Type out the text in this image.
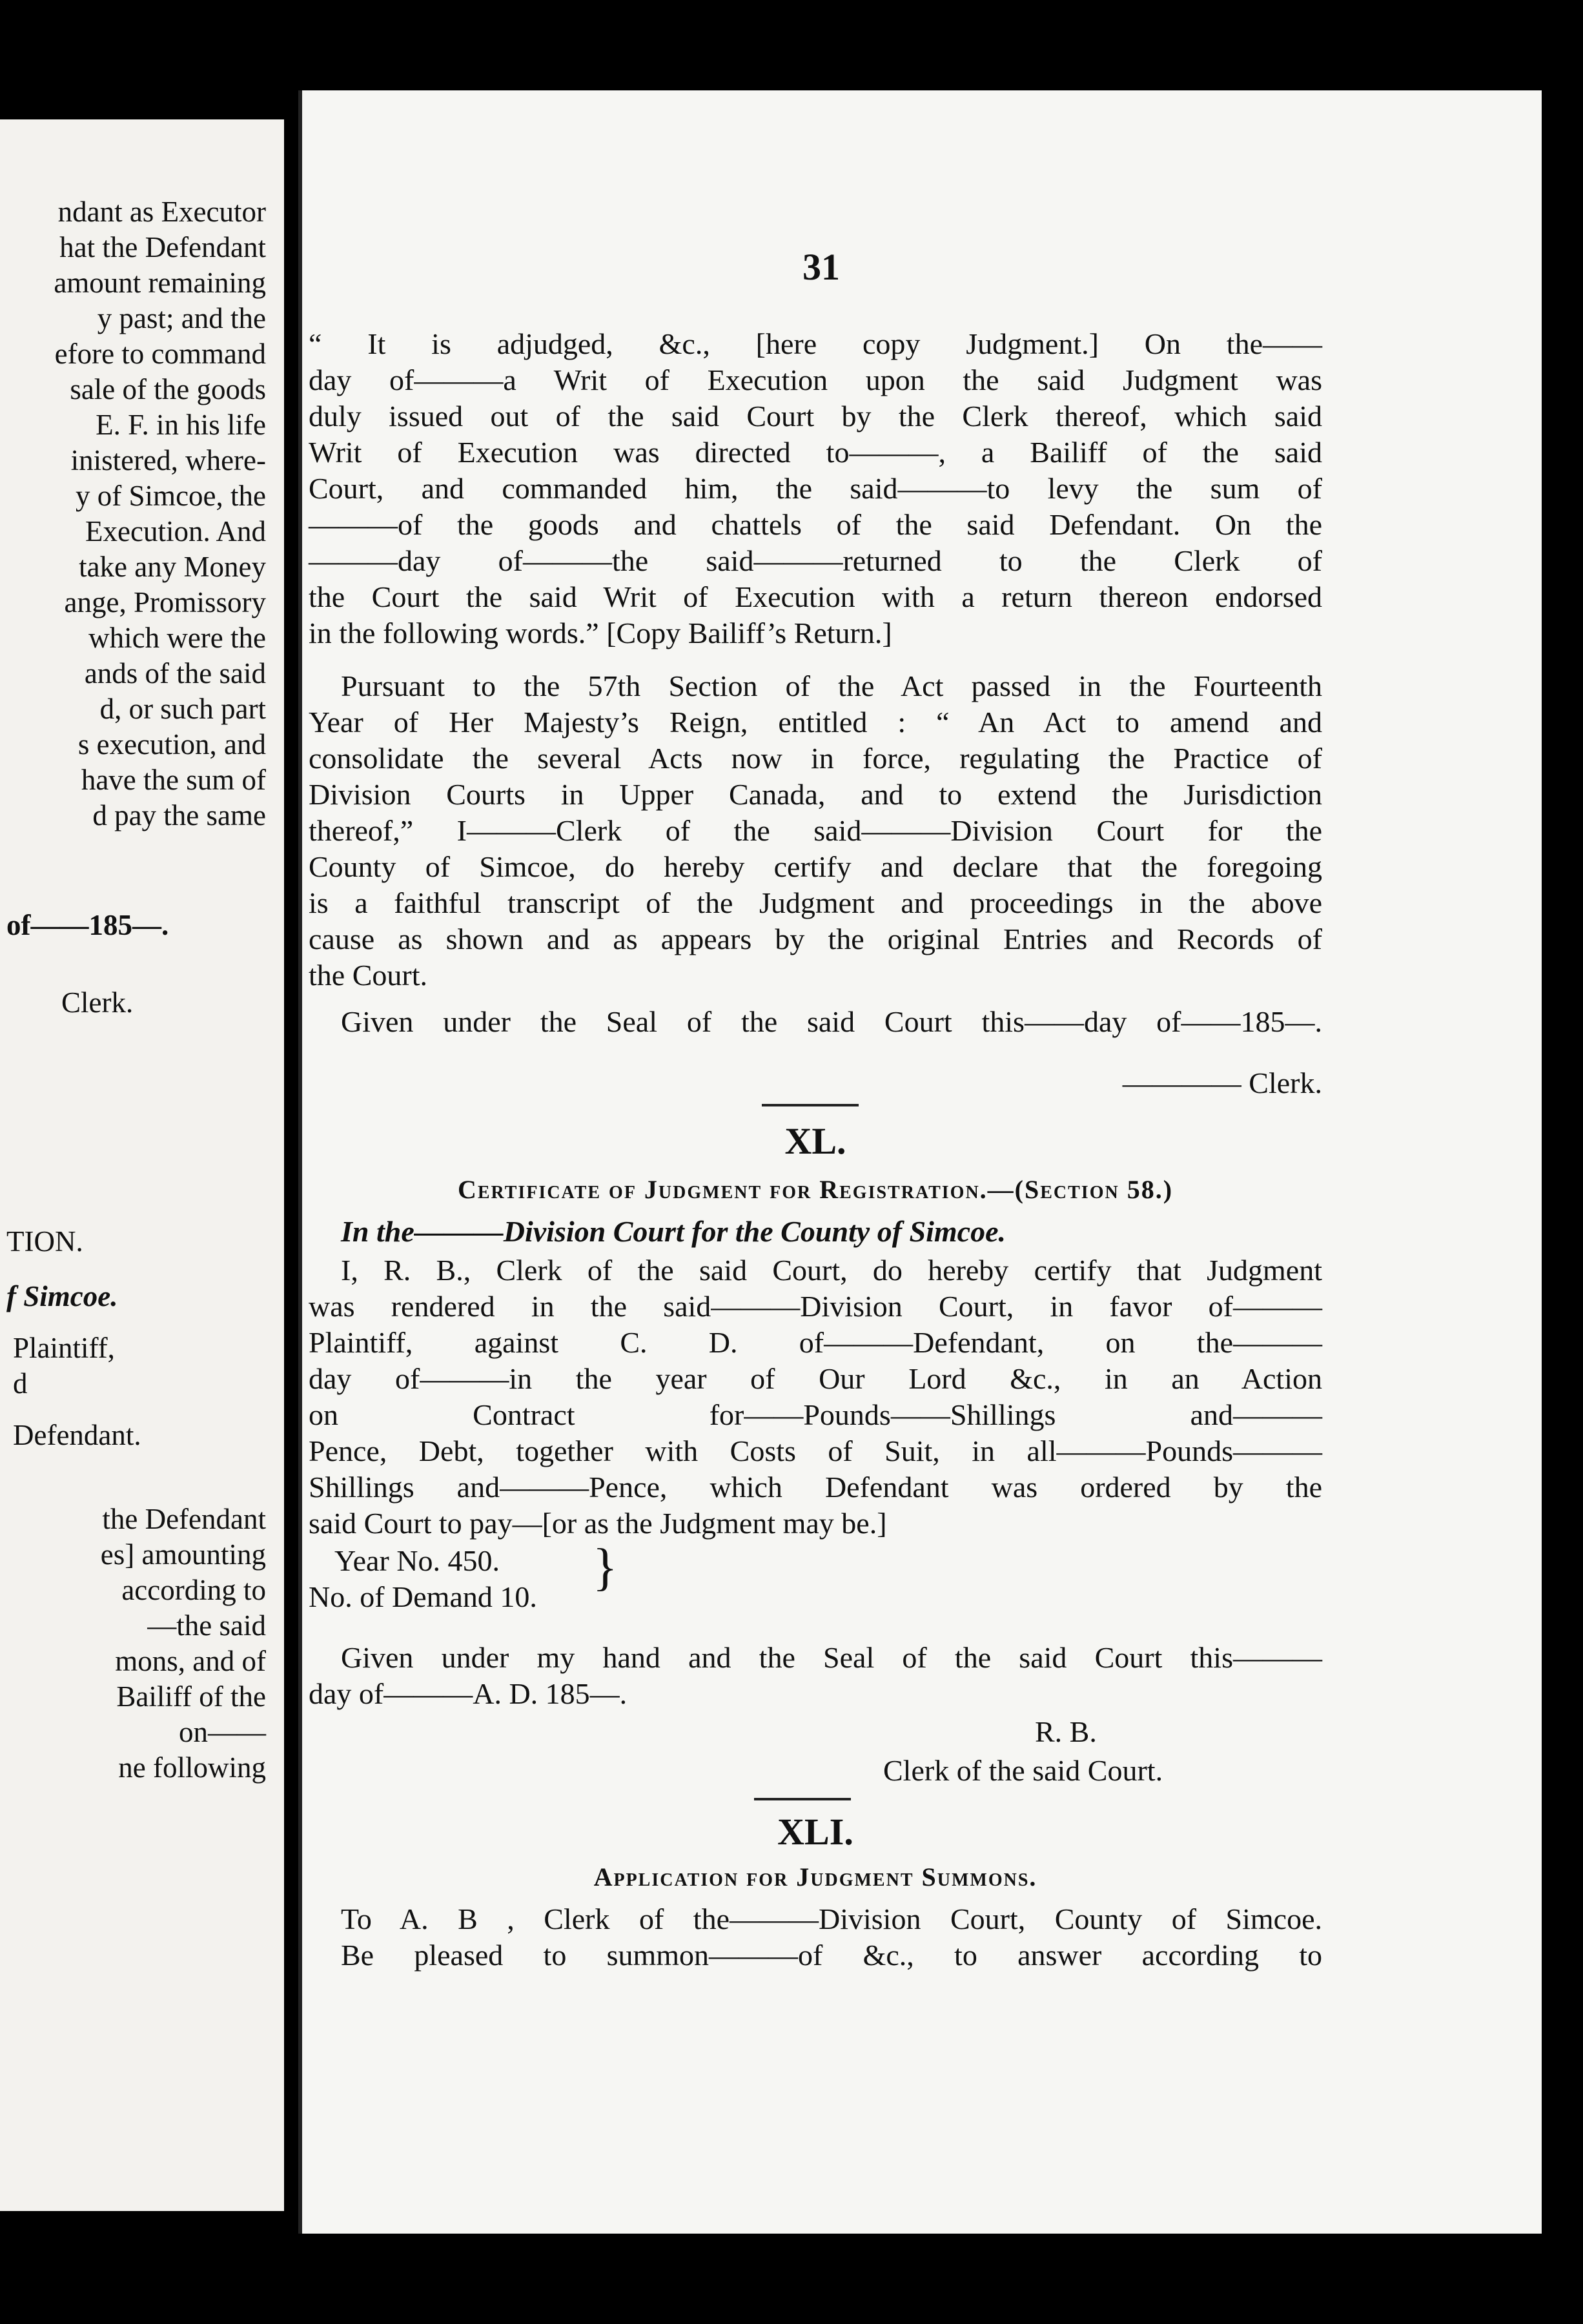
ndant as Executor
hat the Defendant
amount remaining
y past; and the
efore to command
sale of the goods
E. F. in his life
inistered, where-
y of Simcoe, the
Execution. And
take any Money
ange, Promissory
which were the
ands of the said
d, or such part
s execution, and
have the sum of
d pay the same
of——185—.
Clerk.
TION.
f Simcoe.
Plaintiff,
d
Defendant.
the Defendant
es] amounting
according to
—the said
mons, and of
Bailiff of the
on——
ne following
31
“ It is adjudged, &c., [here copy Judgment.] On the——
day of———a Writ of Execution upon the said Judgment was
duly issued out of the said Court by the Clerk thereof, which said
Writ of Execution was directed to———, a Bailiff of the said
Court, and commanded him, the said———to levy the sum of
———of the goods and chattels of the said Defendant. On the
———day of———the said———returned to the Clerk of
the Court the said Writ of Execution with a return thereon endorsed
in the following words.” [Copy Bailiff’s Return.]
Pursuant to the 57th Section of the Act passed in the Fourteenth
Year of Her Majesty’s Reign, entitled : “ An Act to amend and
consolidate the several Acts now in force, regulating the Practice of
Division Courts in Upper Canada, and to extend the Jurisdiction
thereof,” I———Clerk of the said———Division Court for the
County of Simcoe, do hereby certify and declare that the foregoing
is a faithful transcript of the Judgment and proceedings in the above
cause as shown and as appears by the original Entries and Records of
the Court.
Given under the Seal of the said Court this——day of——185—.
———— Clerk.
XL.
Certificate of Judgment for Registration.—(Section 58.)
In the———Division Court for the County of Simcoe.
I, R. B., Clerk of the said Court, do hereby certify that Judgment
was rendered in the said———Division Court, in favor of———
Plaintiff, against C. D. of———Defendant, on the———
day of———in the year of Our Lord &c., in an Action
on Contract for——Pounds——Shillings and———
Pence, Debt, together with Costs of Suit, in all———Pounds———
Shillings and———Pence, which Defendant was ordered by the
said Court to pay—[or as the Judgment may be.]
Year No. 450.
No. of Demand 10.
}
Given under my hand and the Seal of the said Court this———
day of———A. D. 185—.
R. B.
Clerk of the said Court.
XLI.
Application for Judgment Summons.
To A. B , Clerk of the———Division Court, County of Simcoe.
Be pleased to summon———of &c., to answer according to
